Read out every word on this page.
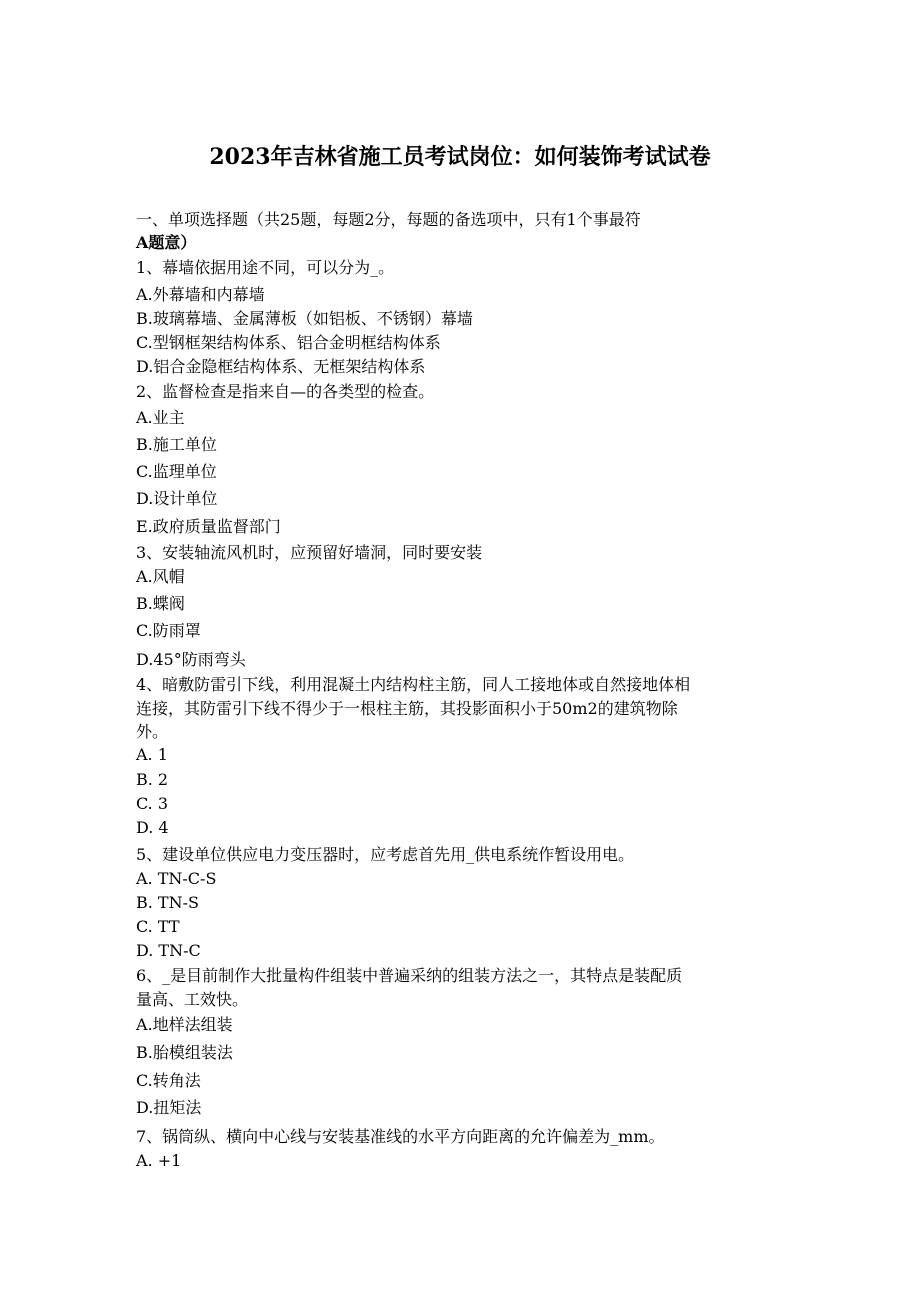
2023年吉林省施工员考试岗位：如何装饰考试试卷

一、单项选择题（共25题，每题2分，每题的备选项中，只有1个事最符

A题意）

1、幕墙依据用途不同，可以分为_。

A.外幕墙和内幕墙

B.玻璃幕墙、金属薄板（如铝板、不锈钢）幕墙

C.型钢框架结构体系、铝合金明框结构体系

D.铝合金隐框结构体系、无框架结构体系

2、监督检查是指来自—的各类型的检查。

A.业主

B.施工单位

C.监理单位

D.设计单位

E.政府质量监督部门

3、安装轴流风机时，应预留好墙洞，同时要安装

A.风帽

B.蝶阀

C.防雨罩

D.45°防雨弯头

4、暗敷防雷引下线，利用混凝土内结构柱主筋，同人工接地体或自然接地体相

连接，其防雷引下线不得少于一根柱主筋，其投影面积小于50m2的建筑物除

外。

A. 1

B. 2

C. 3

D. 4

5、建设单位供应电力变压器时，应考虑首先用_供电系统作暂设用电。

A. TN-C-S

B. TN-S

C. TT

D. TN-C

6、_是目前制作大批量构件组装中普遍采纳的组装方法之一，其特点是装配质

量高、工效快。

A.地样法组装

B.胎模组装法

C.转角法

D.扭矩法

7、锅筒纵、横向中心线与安装基准线的水平方向距离的允许偏差为_mm。

A. +1
